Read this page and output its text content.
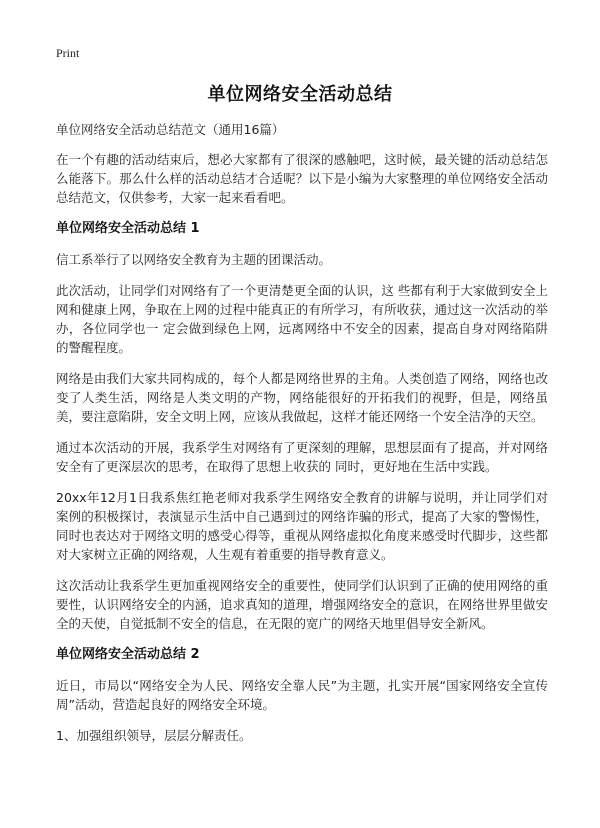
Print
单位网络安全活动总结
单位网络安全活动总结范文（通用16篇）

在一个有趣的活动结束后，想必大家都有了很深的感触吧，这时候，最关键的活动总结怎么能落下。那么什么样的活动总结才合适呢？以下是小编为大家整理的单位网络安全活动总结范文，仅供参考，大家一起来看看吧。

单位网络安全活动总结 1

信工系举行了以网络安全教育为主题的团课活动。

此次活动，让同学们对网络有了一个更清楚更全面的认识，这 些都有利于大家做到安全上网和健康上网，争取在上网的过程中能真正的有所学习，有所收获，通过这一次活动的举办，各位同学也一 定会做到绿色上网，远离网络中不安全的因素，提高自身对网络陷阱 的警醒程度。

网络是由我们大家共同构成的，每个人都是网络世界的主角。人类创造了网络，网络也改变了人类生活，网络是人类文明的产物，网络能很好的开拓我们的视野，但是，网络虽美，要注意陷阱，安全文明上网，应该从我做起，这样才能还网络一个安全洁净的天空。

通过本次活动的开展，我系学生对网络有了更深刻的理解，思想层面有了提高，并对网络安全有了更深层次的思考，在取得了思想上收获的 同时，更好地在生活中实践。

20xx年12月1日我系焦红艳老师对我系学生网络安全教育的讲解与说明，并让同学们对案例的积极探讨，表演显示生活中自己遇到过的网络诈骗的形式，提高了大家的警惕性，同时也表达对于网络文明的感受心得等，重视从网络虚拟化角度来感受时代脚步，这些都对大家树立正确的网络观，人生观有着重要的指导教育意义。

这次活动让我系学生更加重视网络安全的重要性，使同学们认识到了正确的使用网络的重要性，认识网络安全的内涵，追求真知的道理，增强网络安全的意识，在网络世界里做安全的天使，自觉抵制不安全的信息，在无限的宽广的网络天地里倡导安全新风。

单位网络安全活动总结 2

近日，市局以“网络安全为人民、网络安全靠人民”为主题，扎实开展“国家网络安全宣传周”活动，营造起良好的网络安全环境。

1、加强组织领导，层层分解责任。
